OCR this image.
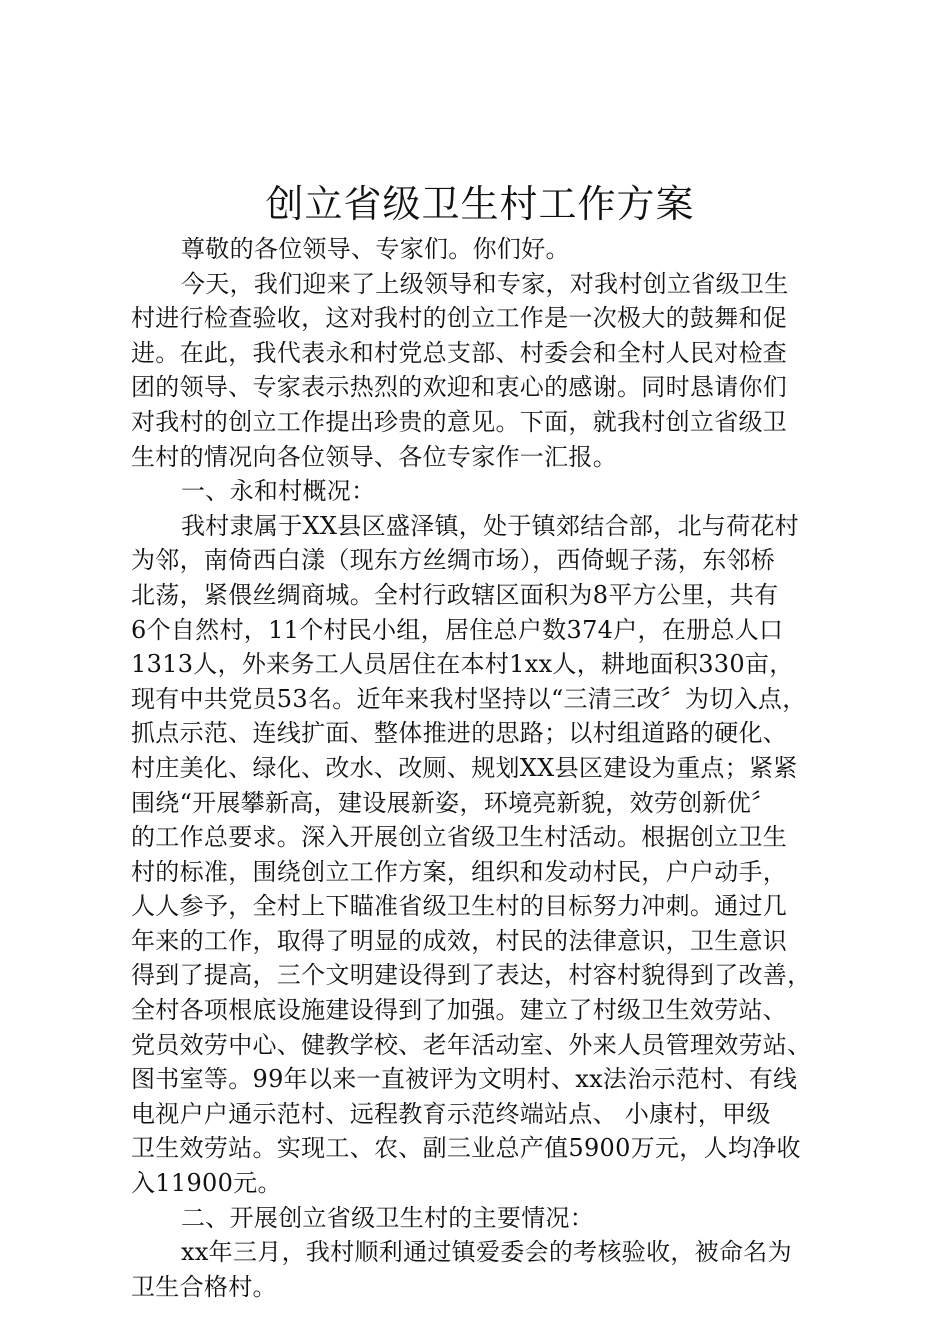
创立省级卫生村工作方案
尊敬的各位领导、专家们。你们好。
今天，我们迎来了上级领导和专家，对我村创立省级卫生
村进行检查验收，这对我村的创立工作是一次极大的鼓舞和促
进。在此，我代表永和村党总支部、村委会和全村人民对检查
团的领导、专家表示热烈的欢迎和衷心的感谢。同时恳请你们
对我村的创立工作提出珍贵的意见。下面，就我村创立省级卫
生村的情况向各位领导、各位专家作一汇报。
一、永和村概况：
我村隶属于XX县区盛泽镇，处于镇郊结合部，北与荷花村
为邻，南倚西白漾（现东方丝绸市场），西倚蚬子荡，东邻桥
北荡，紧偎丝绸商城。全村行政辖区面积为8平方公里，共有
6个自然村，11个村民小组，居住总户数374户，在册总人口
1313人，外来务工人员居住在本村1xx人，耕地面积330亩，
现有中共党员53名。近年来我村坚持以“三清三改〞为切入点，
抓点示范、连线扩面、整体推进的思路；以村组道路的硬化、
村庄美化、绿化、改水、改厕、规划XX县区建设为重点；紧紧
围绕“开展攀新高，建设展新姿，环境亮新貌，效劳创新优〞
的工作总要求。深入开展创立省级卫生村活动。根据创立卫生
村的标准，围绕创立工作方案，组织和发动村民，户户动手，
人人参予，全村上下瞄准省级卫生村的目标努力冲刺。通过几
年来的工作，取得了明显的成效，村民的法律意识，卫生意识
得到了提高，三个文明建设得到了表达，村容村貌得到了改善，
全村各项根底设施建设得到了加强。建立了村级卫生效劳站、
党员效劳中心、健教学校、老年活动室、外来人员管理效劳站、
图书室等。99年以来一直被评为文明村、xx法治示范村、有线
电视户户通示范村、远程教育示范终端站点、 小康村，甲级
卫生效劳站。实现工、农、副三业总产值5900万元，人均净收
入11900元。
二、开展创立省级卫生村的主要情况：
xx年三月，我村顺利通过镇爱委会的考核验收，被命名为
卫生合格村。
